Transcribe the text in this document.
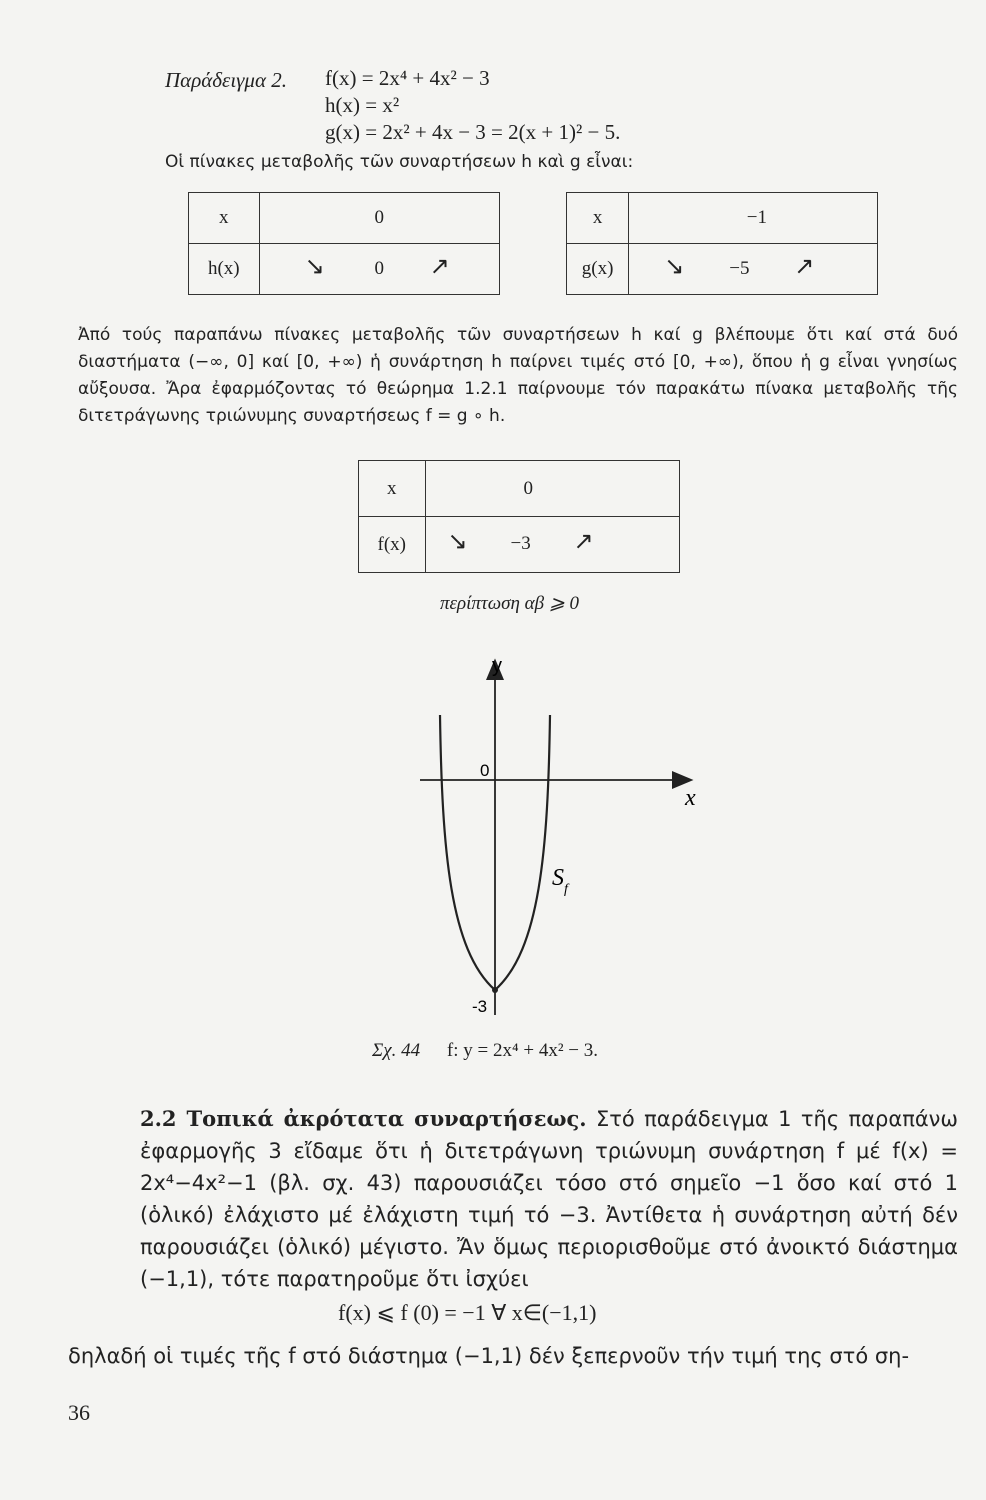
Παράδειγμα 2. f(x) = 2x⁴ + 4x² − 3
h(x) = x²
g(x) = 2x² + 4x − 3 = 2(x + 1)² − 5.
Οἱ πίνακες μεταβολῆς τῶν συναρτήσεων h καὶ g εἶναι:
x	0
h(x)	↘ 0 ↗
x	−1
g(x)	↘ −5 ↗
Ἀπό τούς παραπάνω πίνακες μεταβολῆς τῶν συναρτήσεων h καί g βλέπουμε ὅτι καί στά δυό διαστήματα (−∞, 0] καί [0, +∞) ἡ συνάρτηση h παίρνει τιμές στό [0, +∞), ὅπου ἡ g εἶναι γνησίως αὔξουσα. Ἄρα ἐφαρμόζοντας τό θεώρημα 1.2.1 παίρνουμε τόν παρακάτω πίνακα μεταβολῆς τῆς διτετράγωνης τριώνυμης συναρτήσεως f = g ∘ h.
x	0
f(x)	↘ −3 ↗
περίπτωση αβ ⩾ 0
y
x
0
-3
S f
Σχ. 44 f: y = 2x⁴ + 4x² − 3.
2.2 Τοπικά ἀκρότατα συναρτήσεως. Στό παράδειγμα 1 τῆς παραπάνω ἐφαρμογῆς 3 εἴδαμε ὅτι ἡ διτετράγωνη τριώνυμη συνάρτηση f μέ f(x) = 2x⁴−4x²−1 (βλ. σχ. 43) παρουσιάζει τόσο στό σημεῖο −1 ὅσο καί στό 1 (ὁλικό) ἐλάχιστο μέ ἐλάχιστη τιμή τό −3. Ἀντίθετα ἡ συνάρτηση αὐτή δέν παρουσιάζει (ὁλικό) μέγιστο. Ἄν ὅμως περιορισθοῦμε στό ἀνοικτό διάστημα (−1,1), τότε παρατηροῦμε ὅτι ἰσχύει
f(x) ⩽ f (0) = −1 ∀ x∈(−1,1)
δηλαδή οἱ τιμές τῆς f στό διάστημα (−1,1) δέν ξεπερνοῦν τήν τιμή της στό ση-
36
